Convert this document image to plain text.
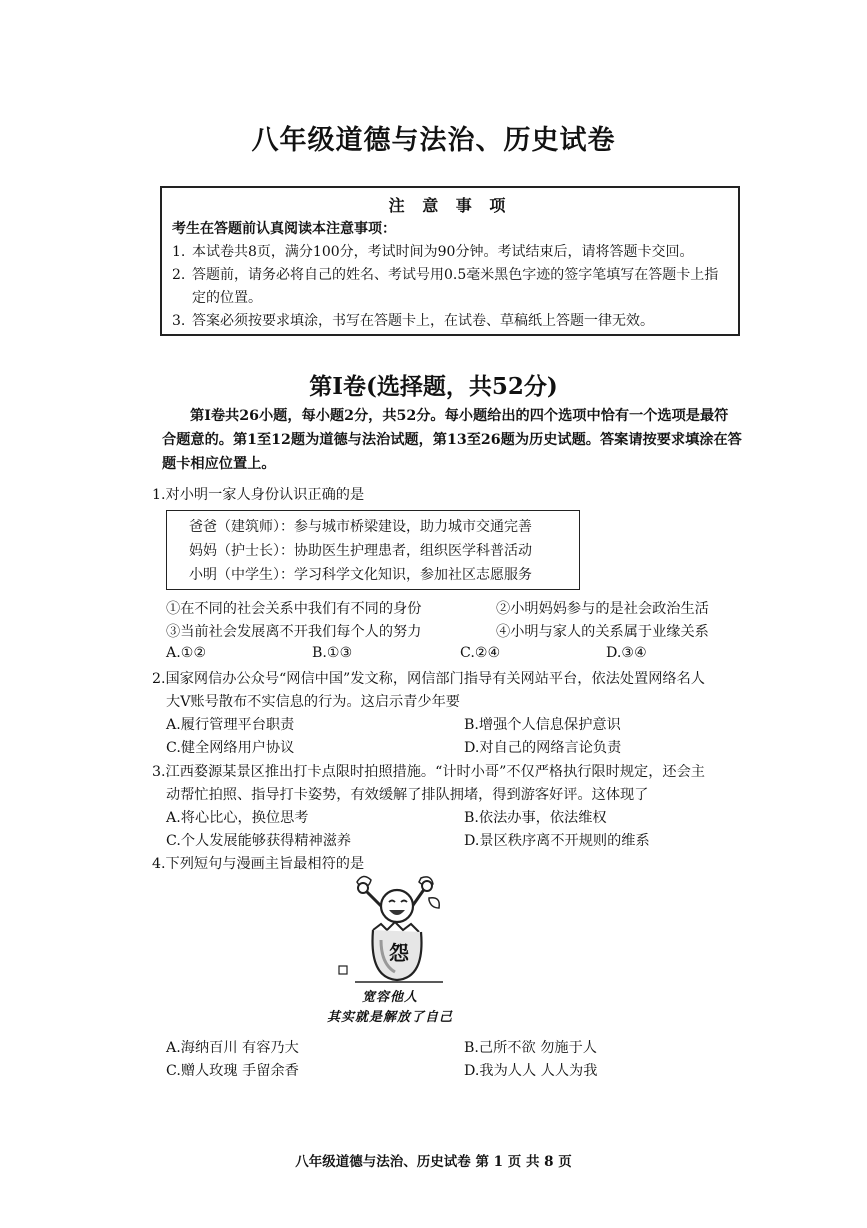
八年级道德与法治、历史试卷
注 意 事 项
考生在答题前认真阅读本注意事项：
1. 本试卷共8页，满分100分，考试时间为90分钟。考试结束后，请将答题卡交回。
2. 答题前，请务必将自己的姓名、考试号用0.5毫米黑色字迹的签字笔填写在答题卡上指定的位置。
3. 答案必须按要求填涂，书写在答题卡上，在试卷、草稿纸上答题一律无效。
第Ⅰ卷(选择题，共52分)
第Ⅰ卷共26小题，每小题2分，共52分。每小题给出的四个选项中恰有一个选项是最符合题意的。第1至12题为道德与法治试题，第13至26题为历史试题。答案请按要求填涂在答题卡相应位置上。
1.对小明一家人身份认识正确的是
爸爸（建筑师）：参与城市桥梁建设，助力城市交通完善
妈妈（护士长）：协助医生护理患者，组织医学科普活动
小明（中学生）：学习科学文化知识，参加社区志愿服务
①在不同的社会关系中我们有不同的身份	②小明妈妈参与的是社会政治生活
③当前社会发展离不开我们每个人的努力	④小明与家人的关系属于业缘关系
A.①②	B.①③	C.②④	D.③④
2.国家网信办公众号“网信中国”发文称，网信部门指导有关网站平台，依法处置网络名人
大V账号散布不实信息的行为。这启示青少年要
A.履行管理平台职责	B.增强个人信息保护意识
C.健全网络用户协议	D.对自己的网络言论负责
3.江西婺源某景区推出打卡点限时拍照措施。“计时小哥”不仅严格执行限时规定，还会主
动帮忙拍照、指导打卡姿势，有效缓解了排队拥堵，得到游客好评。这体现了
A.将心比心，换位思考	B.依法办事，依法维权
C.个人发展能够获得精神滋养	D.景区秩序离不开规则的维系
4.下列短句与漫画主旨最相符的是
怨
宽容他人
其实就是解放了自己
A.海纳百川 有容乃大	B.己所不欲 勿施于人
C.赠人玫瑰 手留余香	D.我为人人 人人为我
八年级道德与法治、历史试卷 第 1 页 共 8 页
